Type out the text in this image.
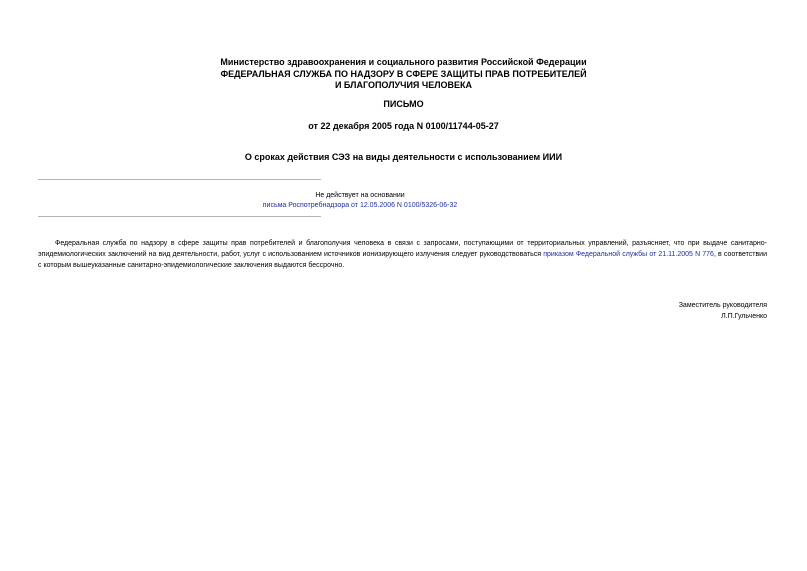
Министерство здравоохранения и социального развития Российской Федерации
ФЕДЕРАЛЬНАЯ СЛУЖБА ПО НАДЗОРУ В СФЕРЕ ЗАЩИТЫ ПРАВ ПОТРЕБИТЕЛЕЙ
И БЛАГОПОЛУЧИЯ ЧЕЛОВЕКА
ПИСЬМО
от 22 декабря 2005 года N 0100/11744-05-27
О сроках действия СЭЗ на виды деятельности с использованием ИИИ
Не действует на основании
письма Роспотребнадзора от 12.05.2006 N 0100/5326-06-32

Федеральная служба по надзору в сфере защиты прав потребителей и благополучия человека в связи с запросами, поступающими от территориальных управлений, разъясняет, что при выдаче санитарно-эпидемиологических заключений на вид деятельности, работ, услуг с использованием источников ионизирующего излучения следует руководствоваться приказом Федеральной службы от 21.11.2005 N 776, в соответствии с которым вышеуказанные санитарно-эпидемиологические заключения выдаются бессрочно.

Заместитель руководителя
Л.П.Гульченко
